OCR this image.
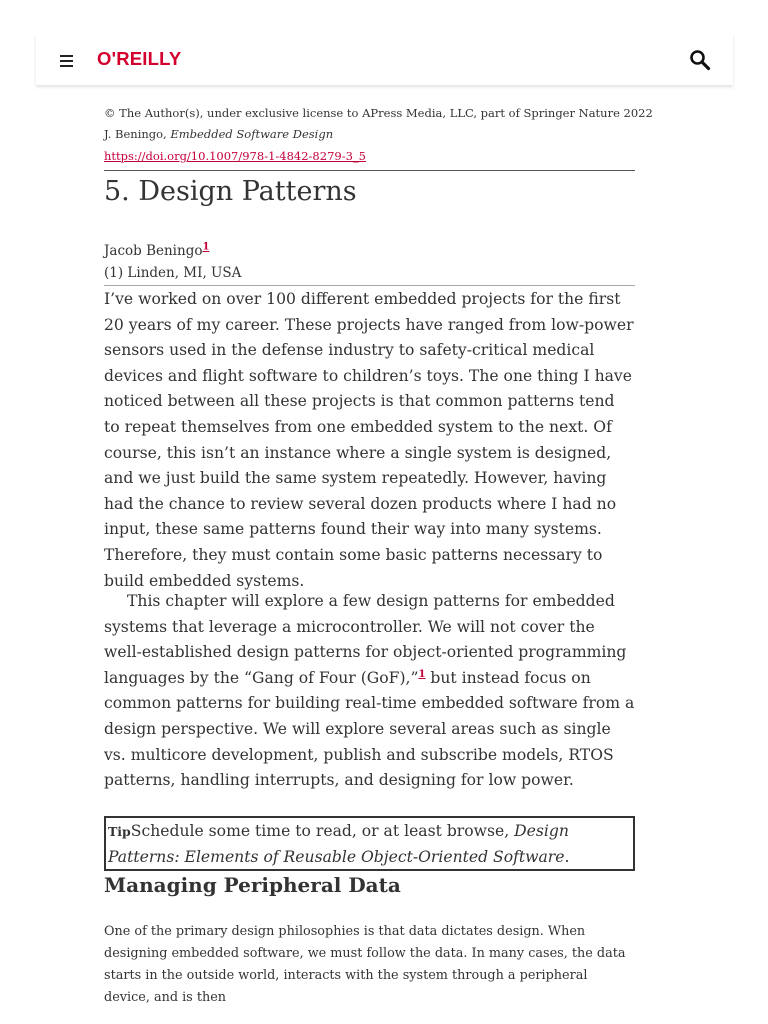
O'REILLY
© The Author(s), under exclusive license to APress Media, LLC, part of Springer Nature 2022
J. Beningo, Embedded Software Design
https://doi.org/10.1007/978-1-4842-8279-3_5
5. Design Patterns
Jacob Beningo$^1$
(1) Linden, MI, USA

I’ve worked on over 100 different embedded projects for the first 20 years of my career. These projects have ranged from low-power sensors used in the defense industry to safety-critical medical devices and flight software to children’s toys. The one thing I have noticed between all these projects is that common patterns tend to repeat themselves from one embedded system to the next. Of course, this isn’t an instance where a single system is designed, and we just build the same system repeatedly. However, having had the chance to review several dozen products where I had no input, these same patterns found their way into many systems. Therefore, they must contain some basic patterns necessary to build embedded systems.

This chapter will explore a few design patterns for embedded systems that leverage a microcontroller. We will not cover the well-established design patterns for object-oriented programming languages by the “Gang of Four (GoF),”$^1$ but instead focus on common patterns for building real-time embedded software from a design perspective. We will explore several areas such as single vs. multicore development, publish and subscribe models, RTOS patterns, handling interrupts, and designing for low power.

TipSchedule some time to read, or at least browse, Design Patterns: Elements of Reusable Object-Oriented Software.

Managing Peripheral Data

One of the primary design philosophies is that data dictates design. When designing embedded software, we must follow the data. In many cases, the data starts in the outside world, interacts with the system through a peripheral device, and is then
